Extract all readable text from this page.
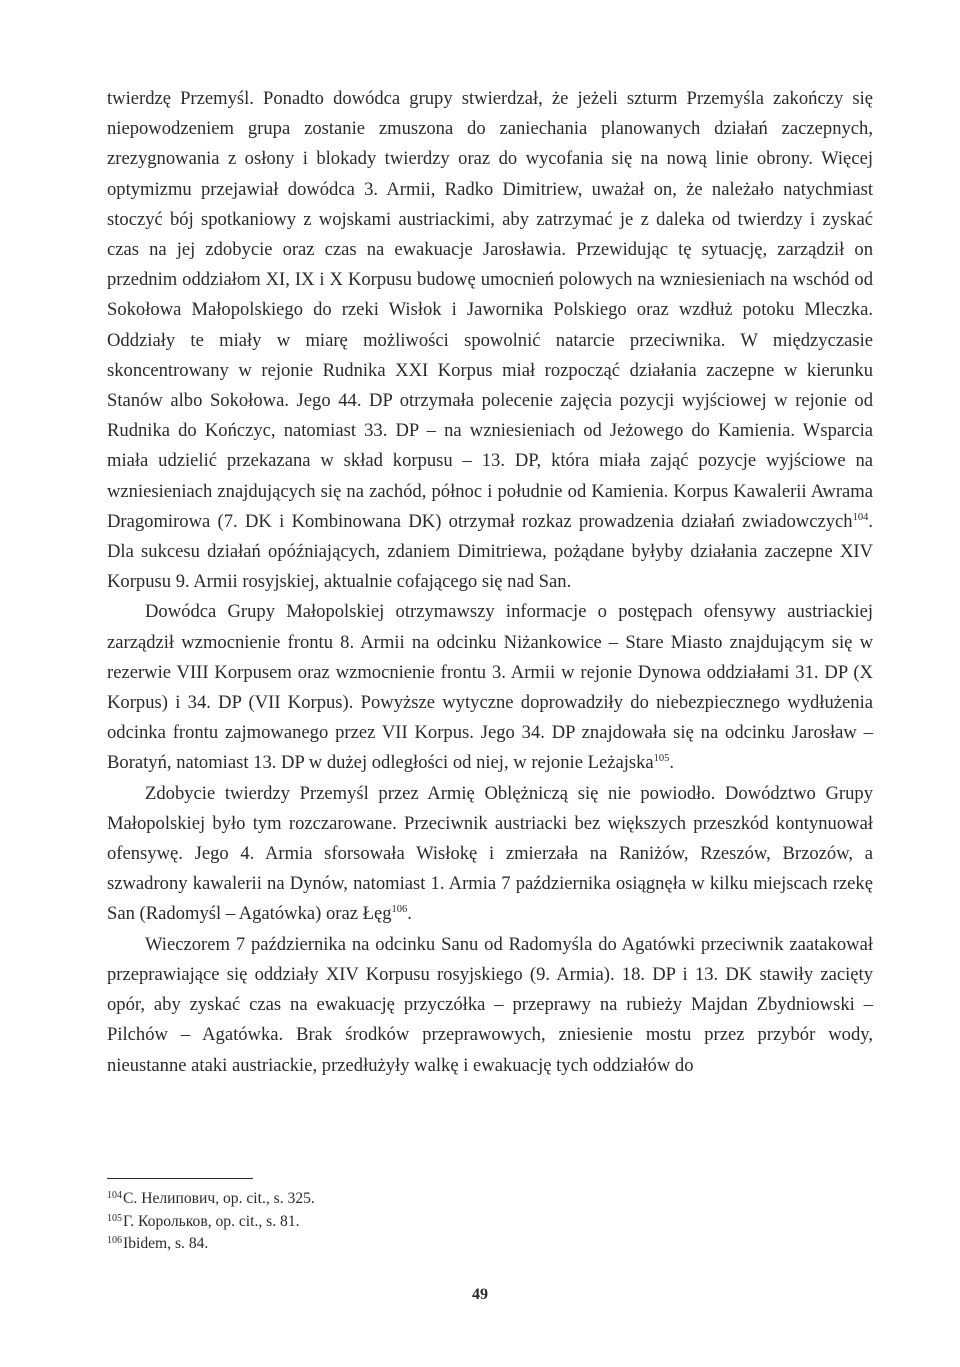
twierdzę Przemyśl. Ponadto dowódca grupy stwierdzał, że jeżeli szturm Przemyśla zakończy się niepowodzeniem grupa zostanie zmuszona do zaniechania planowanych działań zaczepnych, zrezygnowania z osłony i blokady twierdzy oraz do wycofania się na nową linie obrony. Więcej optymizmu przejawiał dowódca 3. Armii, Radko Dimitriew, uważał on, że należało natychmiast stoczyć bój spotkaniowy z wojskami austriackimi, aby zatrzymać je z daleka od twierdzy i zyskać czas na jej zdobycie oraz czas na ewakuacje Jarosławia. Przewidując tę sytuację, zarządził on przednim oddziałom XI, IX i X Korpusu budowę umocnień polowych na wzniesieniach na wschód od Sokołowa Małopolskiego do rzeki Wisłok i Jawornika Polskiego oraz wzdłuż potoku Mleczka. Oddziały te miały w miarę możliwości spowolnić natarcie przeciwnika. W międzyczasie skoncentrowany w rejonie Rudnika XXI Korpus miał rozpocząć działania zaczepne w kierunku Stanów albo Sokołowa. Jego 44. DP otrzymała polecenie zajęcia pozycji wyjściowej w rejonie od Rudnika do Kończyc, natomiast 33. DP – na wzniesieniach od Jeżowego do Kamienia. Wsparcia miała udzielić przekazana w skład korpusu – 13. DP, która miała zająć pozycje wyjściowe na wzniesieniach znajdujących się na zachód, północ i południe od Kamienia. Korpus Kawalerii Awrama Dragomirowa (7. DK i Kombinowana DK) otrzymał rozkaz prowadzenia działań zwiadowczych$^{104}$. Dla sukcesu działań opóźniających, zdaniem Dimitriewa, pożądane byłyby działania zaczepne XIV Korpusu 9. Armii rosyjskiej, aktualnie cofającego się nad San.

Dowódca Grupy Małopolskiej otrzymawszy informacje o postępach ofensywy austriackiej zarządził wzmocnienie frontu 8. Armii na odcinku Niżankowice – Stare Miasto znajdującym się w rezerwie VIII Korpusem oraz wzmocnienie frontu 3. Armii w rejonie Dynowa oddziałami 31. DP (X Korpus) i 34. DP (VII Korpus). Powyższe wytyczne doprowadziły do niebezpiecznego wydłużenia odcinka frontu zajmowanego przez VII Korpus. Jego 34. DP znajdowała się na odcinku Jarosław – Boratyń, natomiast 13. DP w dużej odległości od niej, w rejonie Leżajska$^{105}$.

Zdobycie twierdzy Przemyśl przez Armię Oblężniczą się nie powiodło. Dowództwo Grupy Małopolskiej było tym rozczarowane. Przeciwnik austriacki bez większych przeszkód kontynuował ofensywę. Jego 4. Armia sforsowała Wisłokę i zmierzała na Raniżów, Rzeszów, Brzozów, a szwadrony kawalerii na Dynów, natomiast 1. Armia 7 października osiągnęła w kilku miejscach rzekę San (Radomyśl – Agatówka) oraz Łęg$^{106}$.

Wieczorem 7 października na odcinku Sanu od Radomyśla do Agatówki przeciwnik zaatakował przeprawiające się oddziały XIV Korpusu rosyjskiego (9. Armia). 18. DP i 13. DK stawiły zacięty opór, aby zyskać czas na ewakuację przyczółka – przeprawy na rubieży Majdan Zbydniowski – Pilchów – Agatówka. Brak środków przeprawowych, zniesienie mostu przez przybór wody, nieustanne ataki austriackie, przedłużyły walkę i ewakuację tych oddziałów do

$^{104}$С. Нелипович, op. cit., s. 325.
$^{105}$Г. Корольков, op. cit., s. 81.
$^{106}$Ibidem, s. 84.
49
